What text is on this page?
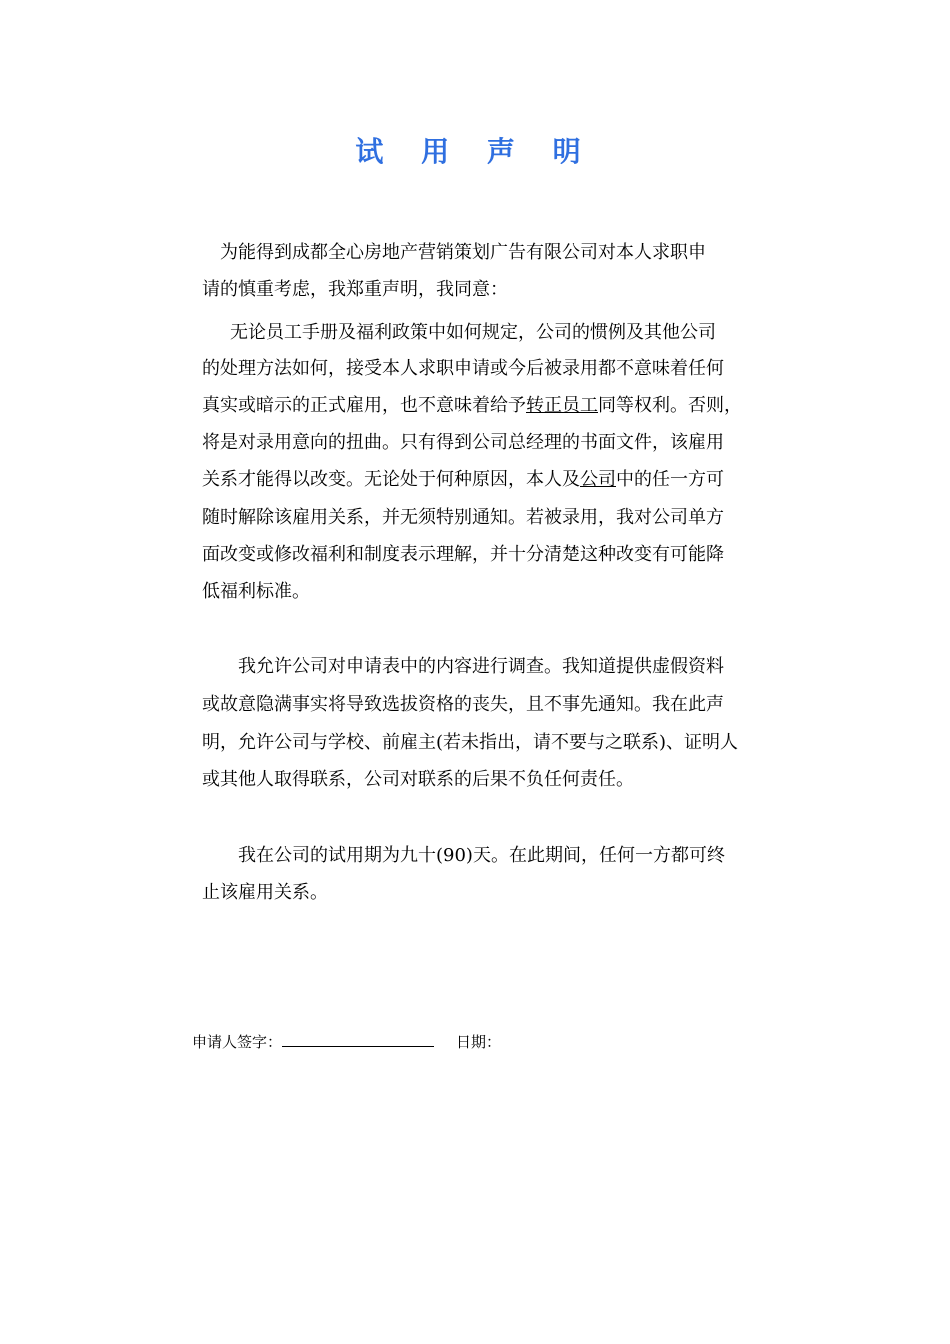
试 用 声 明
为能得到成都全心房地产营销策划广告有限公司对本人求职申
请的慎重考虑，我郑重声明，我同意：
无论员工手册及福利政策中如何规定，公司的惯例及其他公司
的处理方法如何，接受本人求职申请或今后被录用都不意味着任何
真实或暗示的正式雇用，也不意味着给予转正员工同等权利。否则，
将是对录用意向的扭曲。只有得到公司总经理的书面文件，该雇用
关系才能得以改变。无论处于何种原因，本人及公司中的任一方可
随时解除该雇用关系，并无须特别通知。若被录用，我对公司单方
面改变或修改福利和制度表示理解，并十分清楚这种改变有可能降
低福利标准。
我允许公司对申请表中的内容进行调查。我知道提供虚假资料
或故意隐满事实将导致选拔资格的丧失，且不事先通知。我在此声
明，允许公司与学校、前雇主(若未指出，请不要与之联系)、证明人
或其他人取得联系，公司对联系的后果不负任何责任。
我在公司的试用期为九十(90)天。在此期间，任何一方都可终
止该雇用关系。
申请人签字：	日期：
